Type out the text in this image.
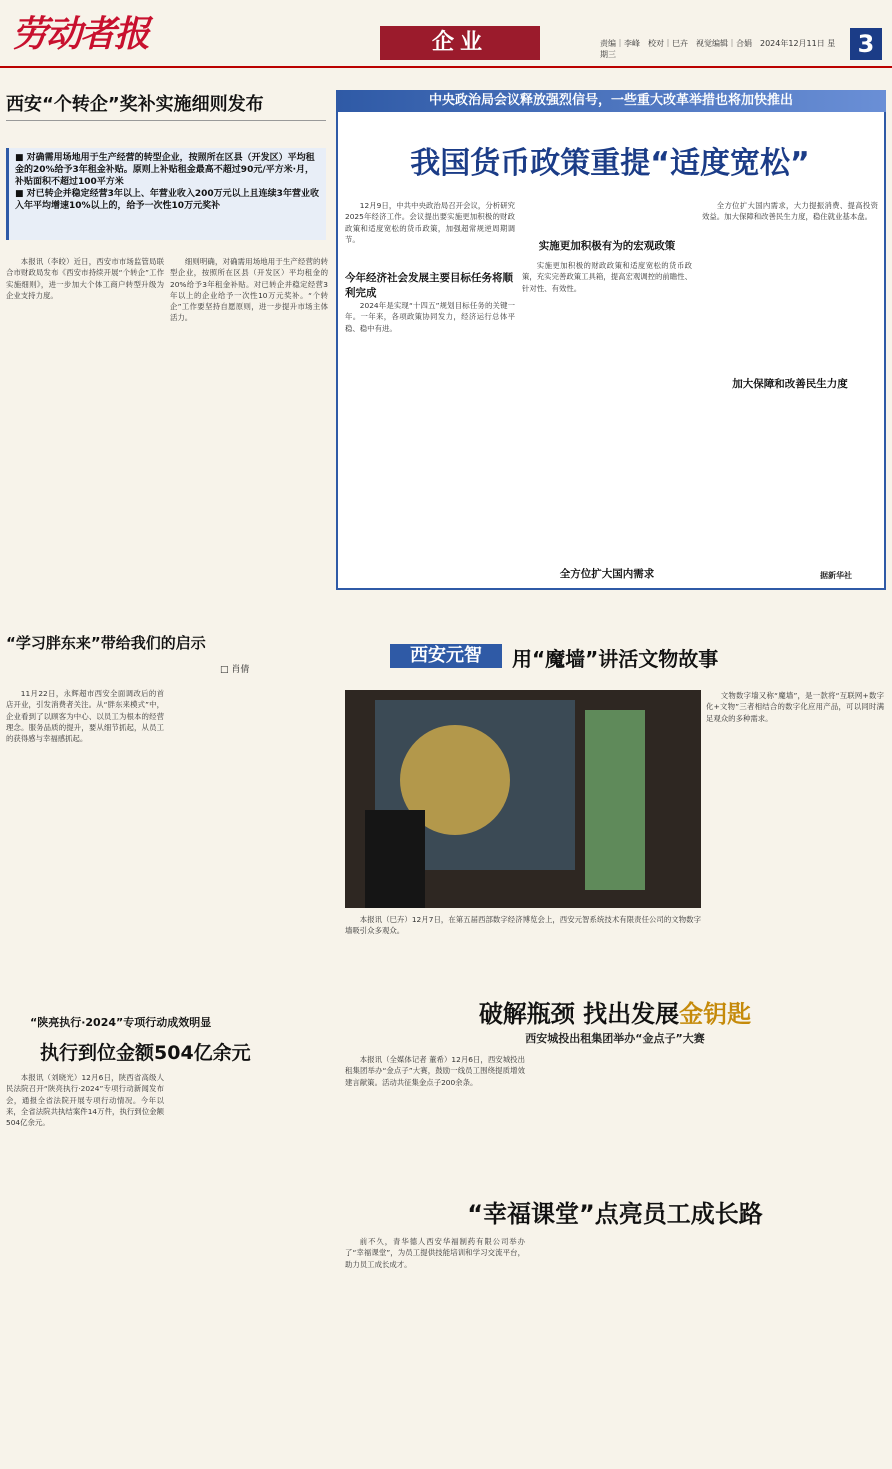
劳动者报	企业	责编｜李峰　校对｜巳卉　视觉编辑｜合娟　2024年12月11日 星期三	3
西安“个转企”奖补实施细则发布
■ 对确需用场地用于生产经营的转型企业，按照所在区县（开发区）平均租金的20%给予3年租金补贴。原则上补贴租金最高不超过90元/平方米·月，补贴面积不超过100平方米
■ 对已转企并稳定经营3年以上、年营业收入200万元以上且连续3年营业收入年平均增速10%以上的，给予一次性10万元奖补
本报讯（李皎）近日，西安市市场监管局联合市财政局发布《西安市持续开展“个转企”工作实施细则》，进一步加大个体工商户转型升级为企业支持力度。
细则明确，对确需用场地用于生产经营的转型企业，按照所在区县（开发区）平均租金的20%给予3年租金补贴。对已转企并稳定经营3年以上的企业给予一次性10万元奖补。“个转企”工作要坚持自愿原则，进一步提升市场主体活力。
中央政治局会议释放强烈信号，一些重大改革举措也将加快推出
我国货币政策重提“适度宽松”
12月9日，中共中央政治局召开会议，分析研究2025年经济工作。会议提出要实施更加积极的财政政策和适度宽松的货币政策，加强超常规逆周期调节。
今年经济社会发展主要目标任务将顺利完成
2024年是实现“十四五”规划目标任务的关键一年。一年来，各项政策协同发力，经济运行总体平稳、稳中有进。
实施更加积极有为的宏观政策
实施更加积极的财政政策和适度宽松的货币政策，充实完善政策工具箱，提高宏观调控的前瞻性、针对性、有效性。
全方位扩大国内需求
全方位扩大国内需求，大力提振消费、提高投资效益。加大保障和改善民生力度，稳住就业基本盘。
加大保障和改善民生力度
据新华社
“学习胖东来”带给我们的启示
□ 肖倩
11月22日，永辉超市西安全面调改后的首店开业，引发消费者关注。从“胖东来模式”中，企业看到了以顾客为中心、以员工为根本的经营理念。服务品质的提升，要从细节抓起，从员工的获得感与幸福感抓起。
西安元智	用“魔墙”讲活文物故事
本报讯（巳卉）12月7日，在第五届西部数字经济博览会上，西安元智系统技术有限责任公司的文物数字墙吸引众多观众。
文物数字墙又称“魔墙”，是一款将“互联网+数字化+文物”三者相结合的数字化应用产品，可以同时满足观众的多种需求。
“陕亮执行·2024”专项行动成效明显
执行到位金额504亿余元
本报讯（刘晓光）12月6日，陕西省高级人民法院召开“陕亮执行·2024”专项行动新闻发布会，通报全省法院开展专项行动情况。今年以来，全省法院共执结案件14万件，执行到位金额504亿余元。
破解瓶颈 找出发展金钥匙
西安城投出租集团举办“金点子”大赛
本报讯（全媒体记者 董希）12月6日，西安城投出租集团举办“金点子”大赛，鼓励一线员工围绕提质增效建言献策。活动共征集金点子200余条。
“幸福课堂”点亮员工成长路
前不久，青华德人西安华福制药有限公司举办了“幸福课堂”，为员工提供技能培训和学习交流平台，助力员工成长成才。
